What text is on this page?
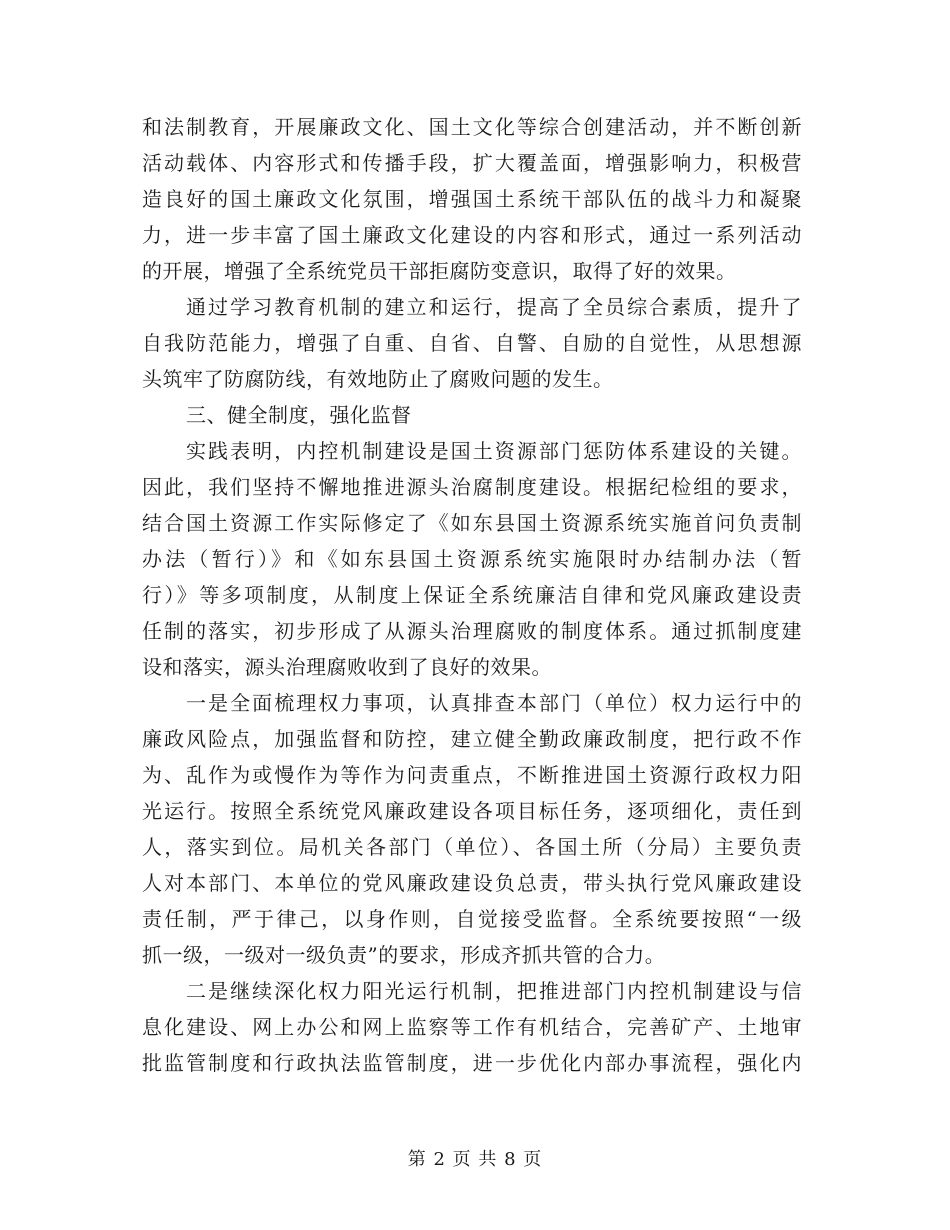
和法制教育，开展廉政文化、国土文化等综合创建活动，并不断创新
活动载体、内容形式和传播手段，扩大覆盖面，增强影响力，积极营
造良好的国土廉政文化氛围，增强国土系统干部队伍的战斗力和凝聚
力，进一步丰富了国土廉政文化建设的内容和形式，通过一系列活动
的开展，增强了全系统党员干部拒腐防变意识，取得了好的效果。
通过学习教育机制的建立和运行，提高了全员综合素质，提升了
自我防范能力，增强了自重、自省、自警、自励的自觉性，从思想源
头筑牢了防腐防线，有效地防止了腐败问题的发生。
三、健全制度，强化监督
实践表明，内控机制建设是国土资源部门惩防体系建设的关键。
因此，我们坚持不懈地推进源头治腐制度建设。根据纪检组的要求，
结合国土资源工作实际修定了《如东县国土资源系统实施首问负责制
办法（暂行）》和《如东县国土资源系统实施限时办结制办法（暂
行）》等多项制度，从制度上保证全系统廉洁自律和党风廉政建设责
任制的落实，初步形成了从源头治理腐败的制度体系。通过抓制度建
设和落实，源头治理腐败收到了良好的效果。
一是全面梳理权力事项，认真排查本部门（单位）权力运行中的
廉政风险点，加强监督和防控，建立健全勤政廉政制度，把行政不作
为、乱作为或慢作为等作为问责重点，不断推进国土资源行政权力阳
光运行。按照全系统党风廉政建设各项目标任务，逐项细化，责任到
人，落实到位。局机关各部门（单位）、各国土所（分局）主要负责
人对本部门、本单位的党风廉政建设负总责，带头执行党风廉政建设
责任制，严于律己，以身作则，自觉接受监督。全系统要按照“一级
抓一级，一级对一级负责”的要求，形成齐抓共管的合力。
二是继续深化权力阳光运行机制，把推进部门内控机制建设与信
息化建设、网上办公和网上监察等工作有机结合，完善矿产、土地审
批监管制度和行政执法监管制度，进一步优化内部办事流程，强化内
第 2 页 共 8 页
